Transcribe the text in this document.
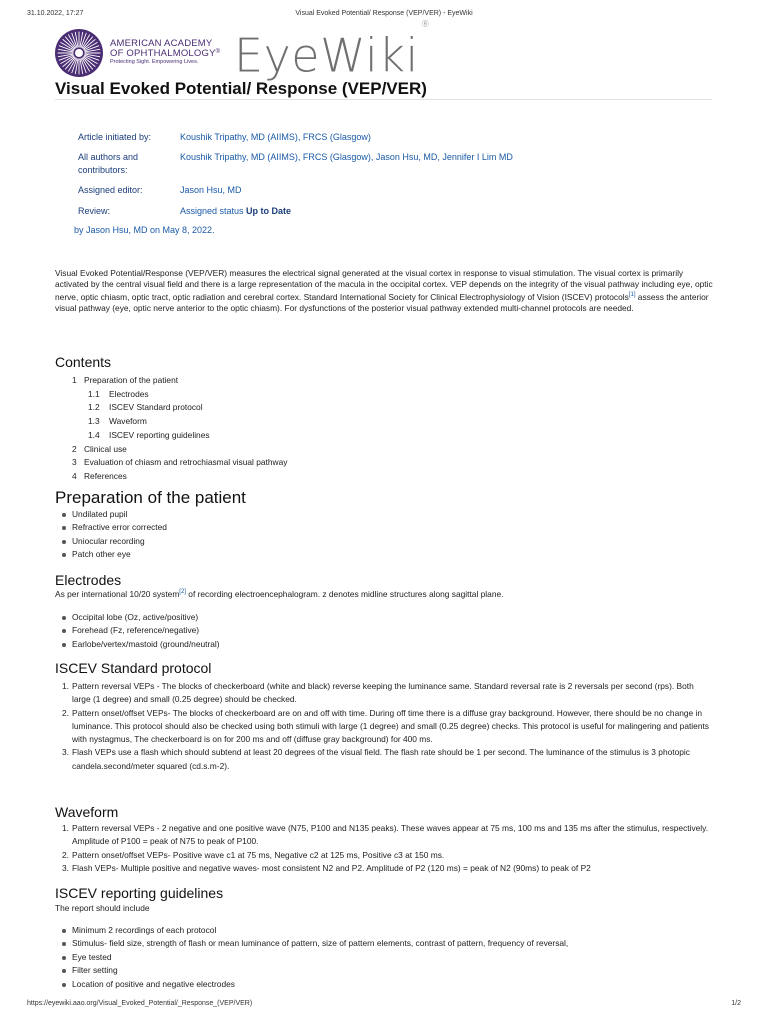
31.10.2022, 17:27	Visual Evoked Potential/ Response (VEP/VER) - EyeWiki
AMERICAN ACADEMY
OF OPHTHALMOLOGY®
Protecting Sight. Empowering Lives. EyeWiki®
Visual Evoked Potential/ Response (VEP/VER)
Article initiated by:	Koushik Tripathy, MD (AIIMS), FRCS (Glasgow)
All authors and
contributors:
Koushik Tripathy, MD (AIIMS), FRCS (Glasgow), Jason Hsu, MD, Jennifer I Lim MD
Assigned editor:	Jason Hsu, MD
Review:	Assigned status Up to Date
by Jason Hsu, MD on May 8, 2022.

Visual Evoked Potential/Response (VEP/VER) measures the electrical signal generated at the visual cortex in response to visual stimulation. The visual cortex is primarily activated by the central visual field and there is a large representation of the macula in the occipital cortex. VEP depends on the integrity of the visual pathway including eye, optic nerve, optic chiasm, optic tract, optic radiation and cerebral cortex. Standard International Society for Clinical Electrophysiology of Vision (ISCEV) protocols[1] assess the anterior visual pathway (eye, optic nerve anterior to the optic chiasm). For dysfunctions of the posterior visual pathway extended multi-channel protocols are needed.

Contents
1 Preparation of the patient
1.1 Electrodes
1.2 ISCEV Standard protocol
1.3 Waveform
1.4 ISCEV reporting guidelines
2 Clinical use
3 Evaluation of chiasm and retrochiasmal visual pathway
4 References
Preparation of the patient
Undilated pupil
Refractive error corrected
Uniocular recording
Patch other eye
Electrodes

As per international 10/20 system[2] of recording electroencephalogram. z denotes midline structures along sagittal plane.

Occipital lobe (Oz, active/positive)
Forehead (Fz, reference/negative)
Earlobe/vertex/mastoid (ground/neutral)
ISCEV Standard protocol
1. Pattern reversal VEPs - The blocks of checkerboard (white and black) reverse keeping the luminance same. Standard reversal rate is 2 reversals per second (rps). Both large (1 degree) and small (0.25 degree) should be checked.
2. Pattern onset/offset VEPs- The blocks of checkerboard are on and off with time. During off time there is a diffuse gray background. However, there should be no change in luminance. This protocol should also be checked using both stimuli with large (1 degree) and small (0.25 degree) checks. This protocol is useful for malingering and patients with nystagmus, The checkerboard is on for 200 ms and off (diffuse gray background) for 400 ms.
3. Flash VEPs use a flash which should subtend at least 20 degrees of the visual field. The flash rate should be 1 per second. The luminance of the stimulus is 3 photopic candela.second/meter squared (cd.s.m-2).
Waveform
1. Pattern reversal VEPs - 2 negative and one positive wave (N75, P100 and N135 peaks). These waves appear at 75 ms, 100 ms and 135 ms after the stimulus, respectively. Amplitude of P100 = peak of N75 to peak of P100.
2. Pattern onset/offset VEPs- Positive wave c1 at 75 ms, Negative c2 at 125 ms, Positive c3 at 150 ms.
3. Flash VEPs- Multiple positive and negative waves- most consistent N2 and P2. Amplitude of P2 (120 ms) = peak of N2 (90ms) to peak of P2
ISCEV reporting guidelines

The report should include

Minimum 2 recordings of each protocol
Stimulus- field size, strength of flash or mean luminance of pattern, size of pattern elements, contrast of pattern, frequency of reversal,
Eye tested
Filter setting
Location of positive and negative electrodes
https://eyewiki.aao.org/Visual_Evoked_Potential/_Response_(VEP/VER)	1/2
